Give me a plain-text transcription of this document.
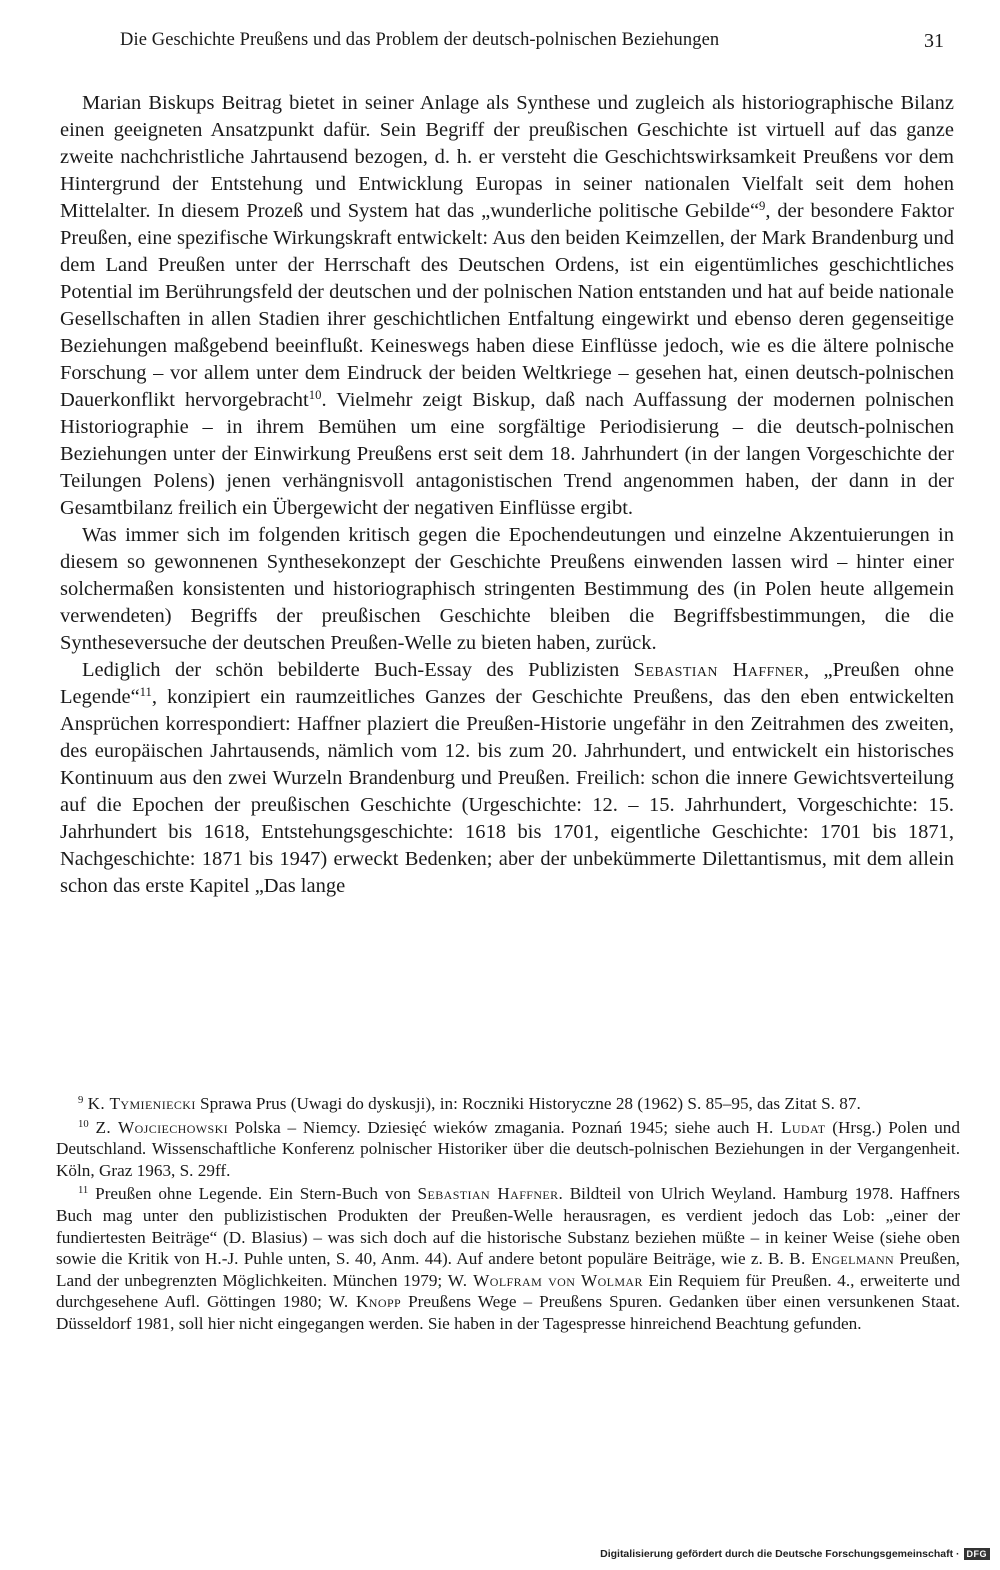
Die Geschichte Preußens und das Problem der deutsch-polnischen Beziehungen	31

Marian Biskups Beitrag bietet in seiner Anlage als Synthese und zugleich als historiographische Bilanz einen geeigneten Ansatzpunkt dafür. Sein Begriff der preußischen Geschichte ist virtuell auf das ganze zweite nachchristliche Jahrtausend bezogen, d. h. er versteht die Geschichtswirksamkeit Preußens vor dem Hintergrund der Entstehung und Entwicklung Europas in seiner nationalen Vielfalt seit dem hohen Mittelalter. In diesem Prozeß und System hat das „wunderliche politische Gebilde“$^9$, der besondere Faktor Preußen, eine spezifische Wirkungskraft entwickelt: Aus den beiden Keimzellen, der Mark Brandenburg und dem Land Preußen unter der Herrschaft des Deutschen Ordens, ist ein eigentümliches geschichtliches Potential im Berührungsfeld der deutschen und der polnischen Nation entstanden und hat auf beide nationale Gesellschaften in allen Stadien ihrer geschichtlichen Entfaltung eingewirkt und ebenso deren gegenseitige Beziehungen maßgebend beeinflußt. Keineswegs haben diese Einflüsse jedoch, wie es die ältere polnische Forschung – vor allem unter dem Eindruck der beiden Weltkriege – gesehen hat, einen deutsch-polnischen Dauerkonflikt hervorgebracht$^{10}$. Vielmehr zeigt Biskup, daß nach Auffassung der modernen polnischen Historiographie – in ihrem Bemühen um eine sorgfältige Periodisierung – die deutsch-polnischen Beziehungen unter der Einwirkung Preußens erst seit dem 18. Jahrhundert (in der langen Vorgeschichte der Teilungen Polens) jenen verhängnisvoll antagonistischen Trend angenommen haben, der dann in der Gesamtbilanz freilich ein Übergewicht der negativen Einflüsse ergibt.

Was immer sich im folgenden kritisch gegen die Epochendeutungen und einzelne Akzentuierungen in diesem so gewonnenen Synthesekonzept der Geschichte Preußens einwenden lassen wird – hinter einer solchermaßen konsistenten und historiographisch stringenten Bestimmung des (in Polen heute allgemein verwendeten) Begriffs der preußischen Geschichte bleiben die Begriffsbestimmungen, die die Syntheseversuche der deutschen Preußen-Welle zu bieten haben, zurück.

Lediglich der schön bebilderte Buch-Essay des Publizisten Sebastian Haffner, „Preußen ohne Legende“$^{11}$, konzipiert ein raumzeitliches Ganzes der Geschichte Preußens, das den eben entwickelten Ansprüchen korrespondiert: Haffner plaziert die Preußen-Historie ungefähr in den Zeitrahmen des zweiten, des europäischen Jahrtausends, nämlich vom 12. bis zum 20. Jahrhundert, und entwickelt ein historisches Kontinuum aus den zwei Wurzeln Brandenburg und Preußen. Freilich: schon die innere Gewichtsverteilung auf die Epochen der preußischen Geschichte (Urgeschichte: 12. – 15. Jahrhundert, Vorgeschichte: 15. Jahrhundert bis 1618, Entstehungsgeschichte: 1618 bis 1701, eigentliche Geschichte: 1701 bis 1871, Nachgeschichte: 1871 bis 1947) erweckt Bedenken; aber der unbekümmerte Dilettantismus, mit dem allein schon das erste Kapitel „Das lange

$^9$ K. Tymieniecki Sprawa Prus (Uwagi do dyskusji), in: Roczniki Historyczne 28 (1962) S. 85–95, das Zitat S. 87.

$^{10}$ Z. Wojciechowski Polska – Niemcy. Dziesięć wieków zmagania. Poznań 1945; siehe auch H. Ludat (Hrsg.) Polen und Deutschland. Wissenschaftliche Konferenz polnischer Historiker über die deutsch-polnischen Beziehungen in der Vergangenheit. Köln, Graz 1963, S. 29ff.

$^{11}$ Preußen ohne Legende. Ein Stern-Buch von Sebastian Haffner. Bildteil von Ulrich Weyland. Hamburg 1978. Haffners Buch mag unter den publizistischen Produkten der Preußen-Welle herausragen, es verdient jedoch das Lob: „einer der fundiertesten Beiträge“ (D. Blasius) – was sich doch auf die historische Substanz beziehen müßte – in keiner Weise (siehe oben sowie die Kritik von H.-J. Puhle unten, S. 40, Anm. 44). Auf andere betont populäre Beiträge, wie z. B. B. Engelmann Preußen, Land der unbegrenzten Möglichkeiten. München 1979; W. Wolfram von Wolmar Ein Requiem für Preußen. 4., erweiterte und durchgesehene Aufl. Göttingen 1980; W. Knopp Preußens Wege – Preußens Spuren. Gedanken über einen versunkenen Staat. Düsseldorf 1981, soll hier nicht eingegangen werden. Sie haben in der Tagespresse hinreichend Beachtung gefunden.

Digitalisierung gefördert durch die Deutsche Forschungsgemeinschaft · DFG
